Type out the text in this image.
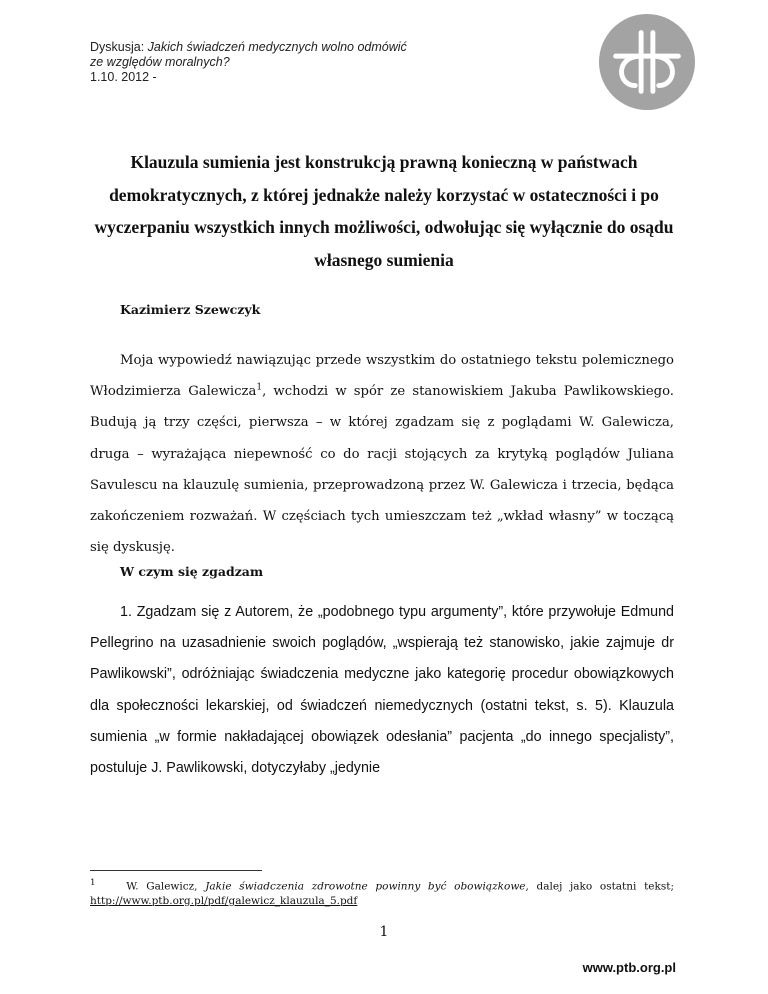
Dyskusja: Jakich świadczeń medycznych wolno odmówić
ze względów moralnych?
1.10. 2012 -
ptb
Klauzula sumienia jest konstrukcją prawną konieczną w państwach demokratycznych, z której jednakże należy korzystać w ostateczności i po wyczerpaniu wszystkich innych możliwości, odwołując się wyłącznie do osądu własnego sumienia
Kazimierz Szewczyk

Moja wypowiedź nawiązując przede wszystkim do ostatniego tekstu polemicznego Włodzimierza Galewicza$^1$, wchodzi w spór ze stanowiskiem Jakuba Pawlikowskiego. Budują ją trzy części, pierwsza – w której zgadzam się z poglądami W. Galewicza, druga – wyrażająca niepewność co do racji stojących za krytyką poglądów Juliana Savulescu na klauzulę sumienia, przeprowadzoną przez W. Galewicza i trzecia, będąca zakończeniem rozważań. W częściach tych umieszczam też „wkład własny” w toczącą się dyskusję.

W czym się zgadzam

1. Zgadzam się z Autorem, że „podobnego typu argumenty”, które przywołuje Edmund Pellegrino na uzasadnienie swoich poglądów, „wspierają też stanowisko, jakie zajmuje dr Pawlikowski”, odróżniając świadczenia medyczne jako kategorię procedur obowiązkowych dla społeczności lekarskiej, od świadczeń niemedycznych (ostatni tekst, s. 5). Klauzula sumienia „w formie nakładającej obowiązek odesłania” pacjenta „do innego specjalisty”, postuluje J. Pawlikowski, dotyczyłaby „jedynie

$^1$	W. Galewicz, Jakie świadczenia zdrowotne powinny być obowiązkowe, dalej jako ostatni tekst; http://www.ptb.org.pl/pdf/galewicz_klauzula_5.pdf

1
www.ptb.org.pl
